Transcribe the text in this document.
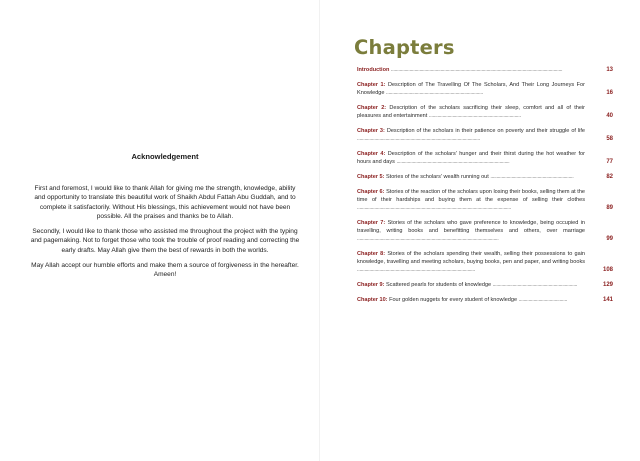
Acknowledgement

First and foremost, I would like to thank Allah for giving me the strength, knowledge, ability and opportunity to translate this beautiful work of Shaikh Abdul Fattah Abu Guddah, and to complete it satisfactorily. Without His blessings, this achievement would not have been possible. All the praises and thanks be to Allah.

Secondly, I would like to thank those who assisted me throughout the project with the typing and pagemaking. Not to forget those who took the trouble of proof reading and correcting the early drafts. May Allah give them the best of rewards in both the worlds.

May Allah accept our humble efforts and make them a source of forgiveness in the hereafter.

Ameen!

Chapters
Introduction ..........................................................................................................................................	13
Chapter 1: Description of The Travelling Of The Scholars, And Their Long Journeys For Knowledge ..............................................................................	16
Chapter 2: Description of the scholars sacrificing their sleep, comfort and all of their pleasures and entertainment ..........................................................................	40
Chapter 3: Description of the scholars in their patience on poverty and their struggle of life ...................................................................................................	58
Chapter 4: Description of the scholars' hunger and their thirst during the hot weather for hours and days ...........................................................................................	77
Chapter 5: Stories of the scholars' wealth running out ...................................................................	82
Chapter 6: Stories of the reaction of the scholars upon losing their books, selling them at the time of their hardships and buying them at the expense of selling their clothes ............................................................................................................................	89
Chapter 7: Stories of the scholars who gave preference to knowledge, being occupied in travelling, writing books and benefitting themselves and others, over marriage ..................................................................................................................	99
Chapter 8: Stories of the scholars spending their wealth, selling their possessions to gain knowledge, travelling and meeting scholars, buying books, pen and paper, and writing books ...............................................................................................	108
Chapter 9: Scattered pearls for students of knowledge ....................................................................	129
Chapter 10: Four golden nuggets for every student of knowledge .......................................	141
